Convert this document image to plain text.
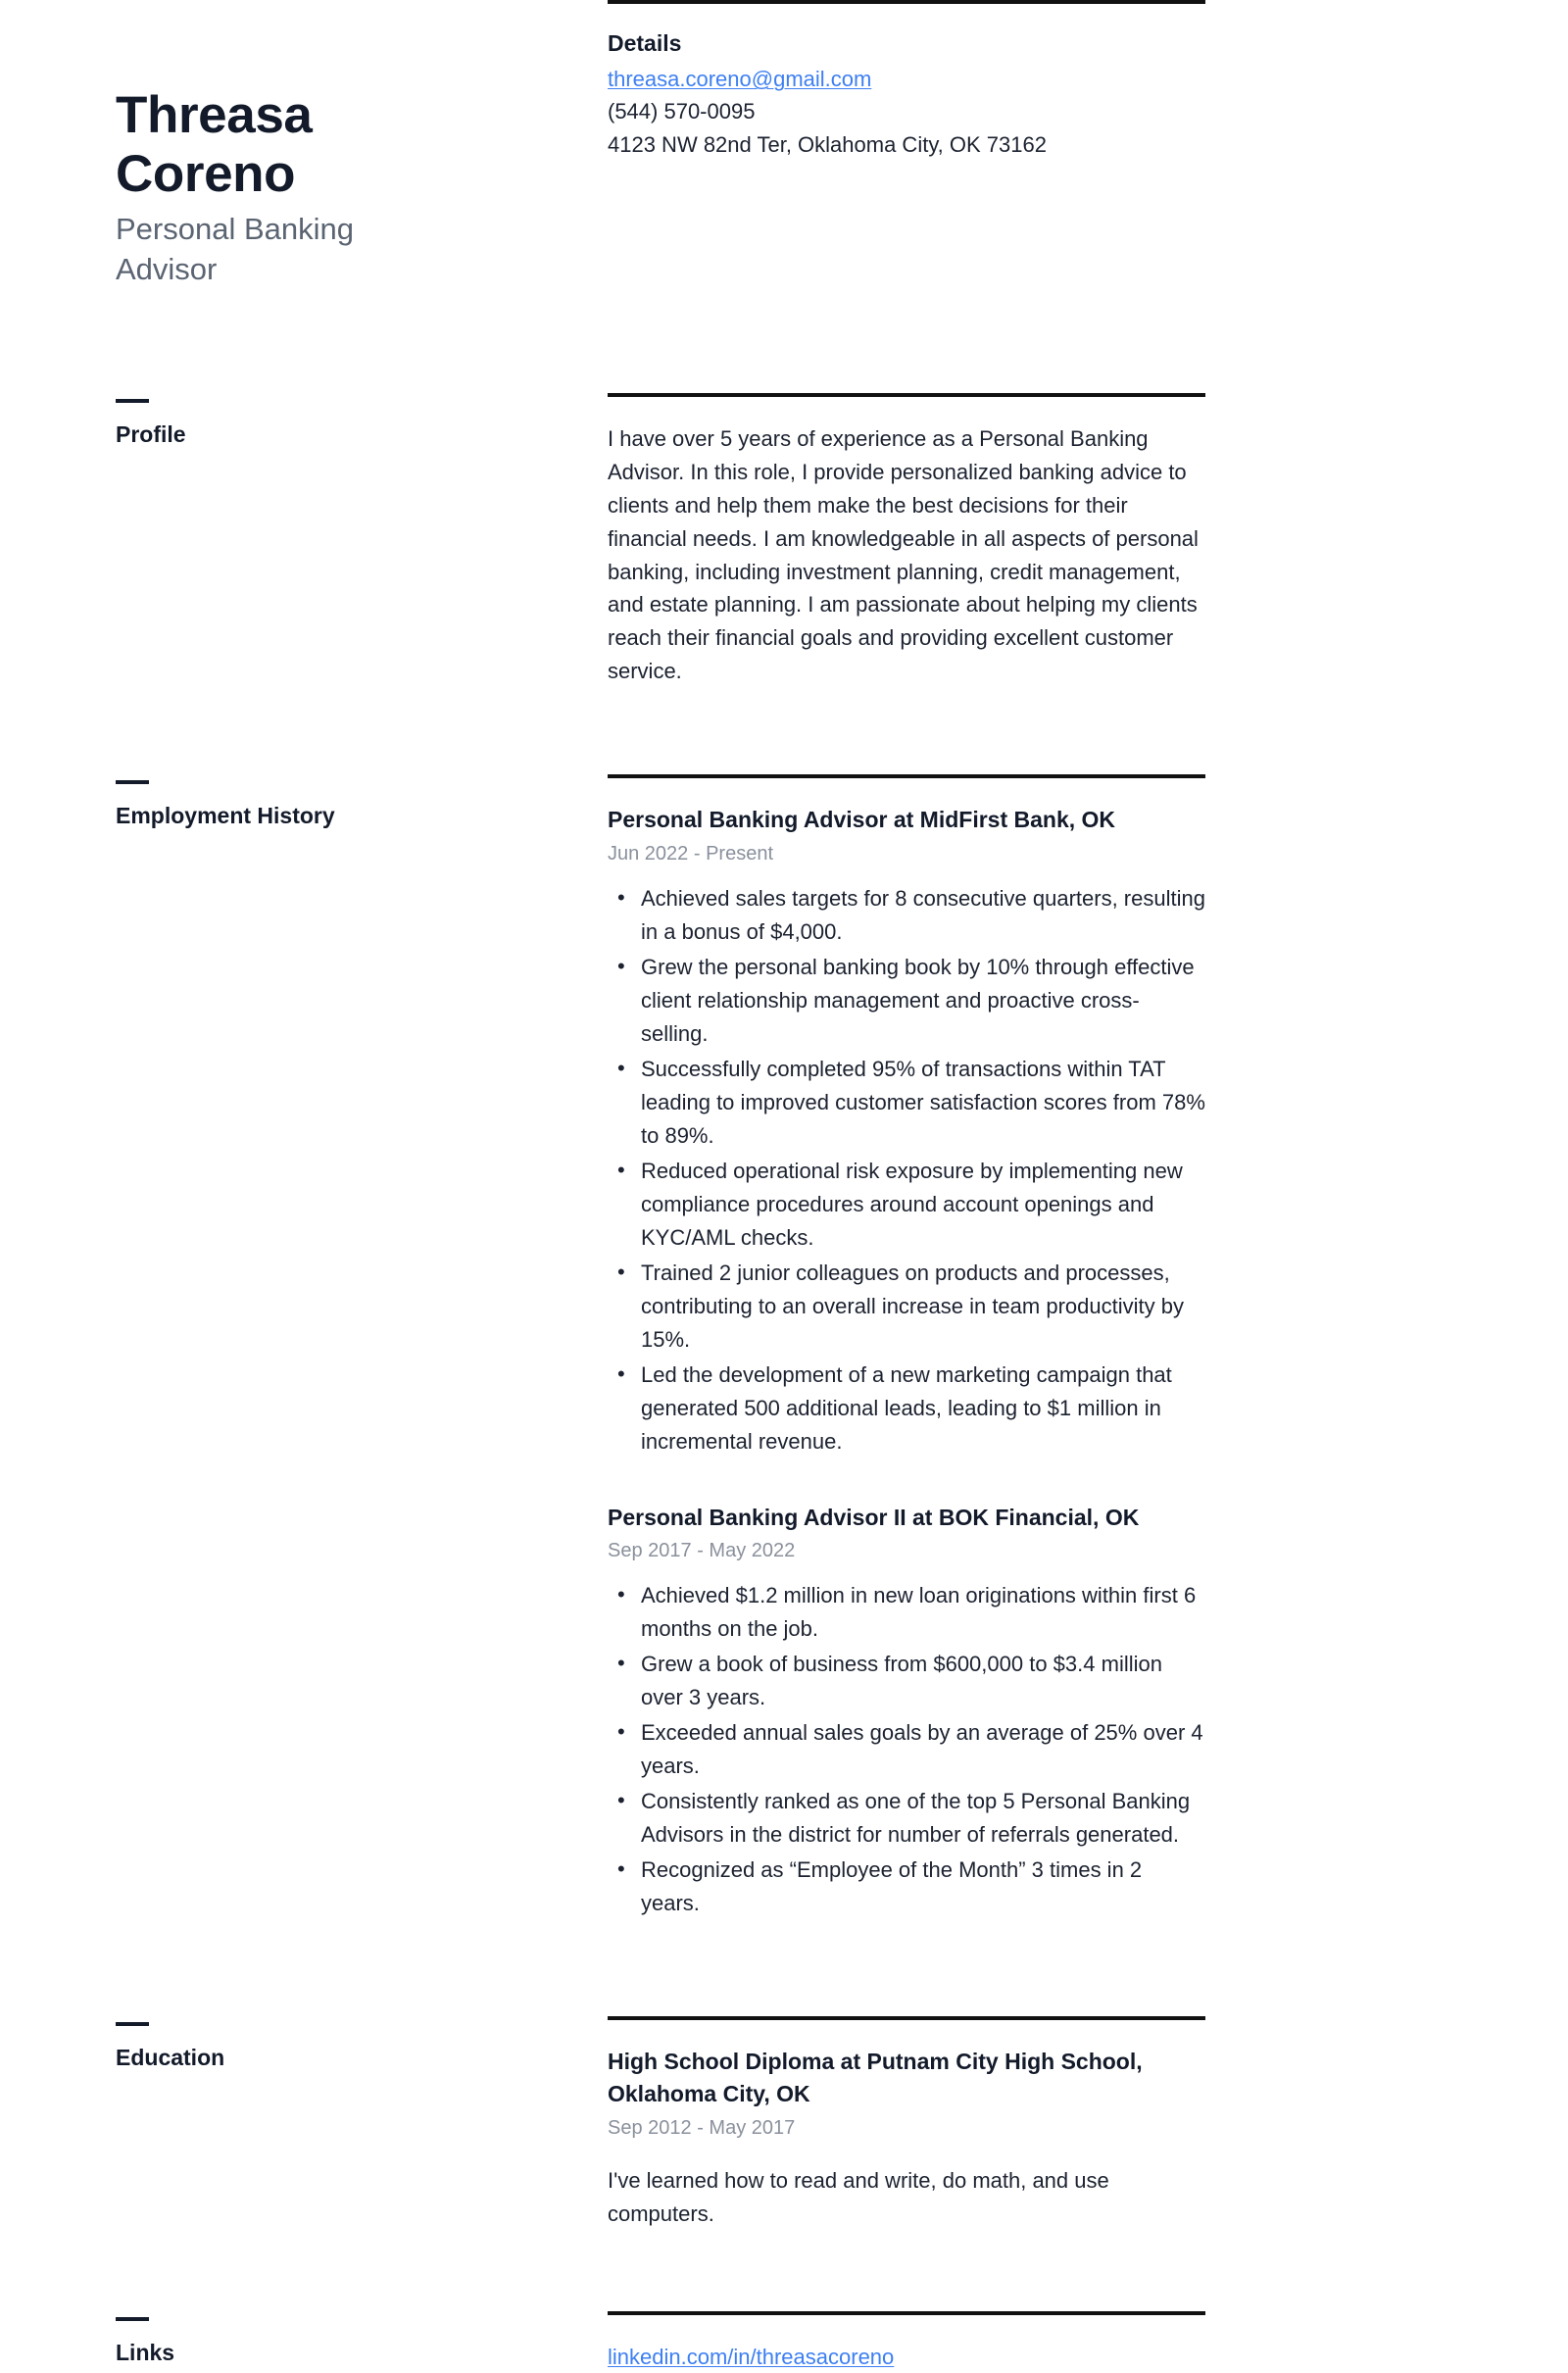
Threasa Coreno
Personal Banking Advisor
Details
threasa.coreno@gmail.com
(544) 570-0095
4123 NW 82nd Ter, Oklahoma City, OK 73162
Profile	I have over 5 years of experience as a Personal Banking Advisor. In this role, I provide personalized banking advice to clients and help them make the best decisions for their financial needs. I am knowledgeable in all aspects of personal banking, including investment planning, credit management, and estate planning. I am passionate about helping my clients reach their financial goals and providing excellent customer service.

Employment History	Personal Banking Advisor at MidFirst Bank, OK
Jun 2022 - Present
• Achieved sales targets for 8 consecutive quarters, resulting in a bonus of $4,000.
• Grew the personal banking book by 10% through effective client relationship management and proactive cross-selling.
• Successfully completed 95% of transactions within TAT leading to improved customer satisfaction scores from 78% to 89%.
• Reduced operational risk exposure by implementing new compliance procedures around account openings and KYC/AML checks.
• Trained 2 junior colleagues on products and processes, contributing to an overall increase in team productivity by 15%.
• Led the development of a new marketing campaign that generated 500 additional leads, leading to $1 million in incremental revenue.
Personal Banking Advisor II at BOK Financial, OK
Sep 2017 - May 2022
• Achieved $1.2 million in new loan originations within first 6 months on the job.
• Grew a book of business from $600,000 to $3.4 million over 3 years.
• Exceeded annual sales goals by an average of 25% over 4 years.
• Consistently ranked as one of the top 5 Personal Banking Advisors in the district for number of referrals generated.
• Recognized as “Employee of the Month” 3 times in 2 years.
Education	High School Diploma at Putnam City High School, Oklahoma City, OK
Sep 2012 - May 2017

I've learned how to read and write, do math, and use computers.

Links	linkedin.com/in/threasacoreno
